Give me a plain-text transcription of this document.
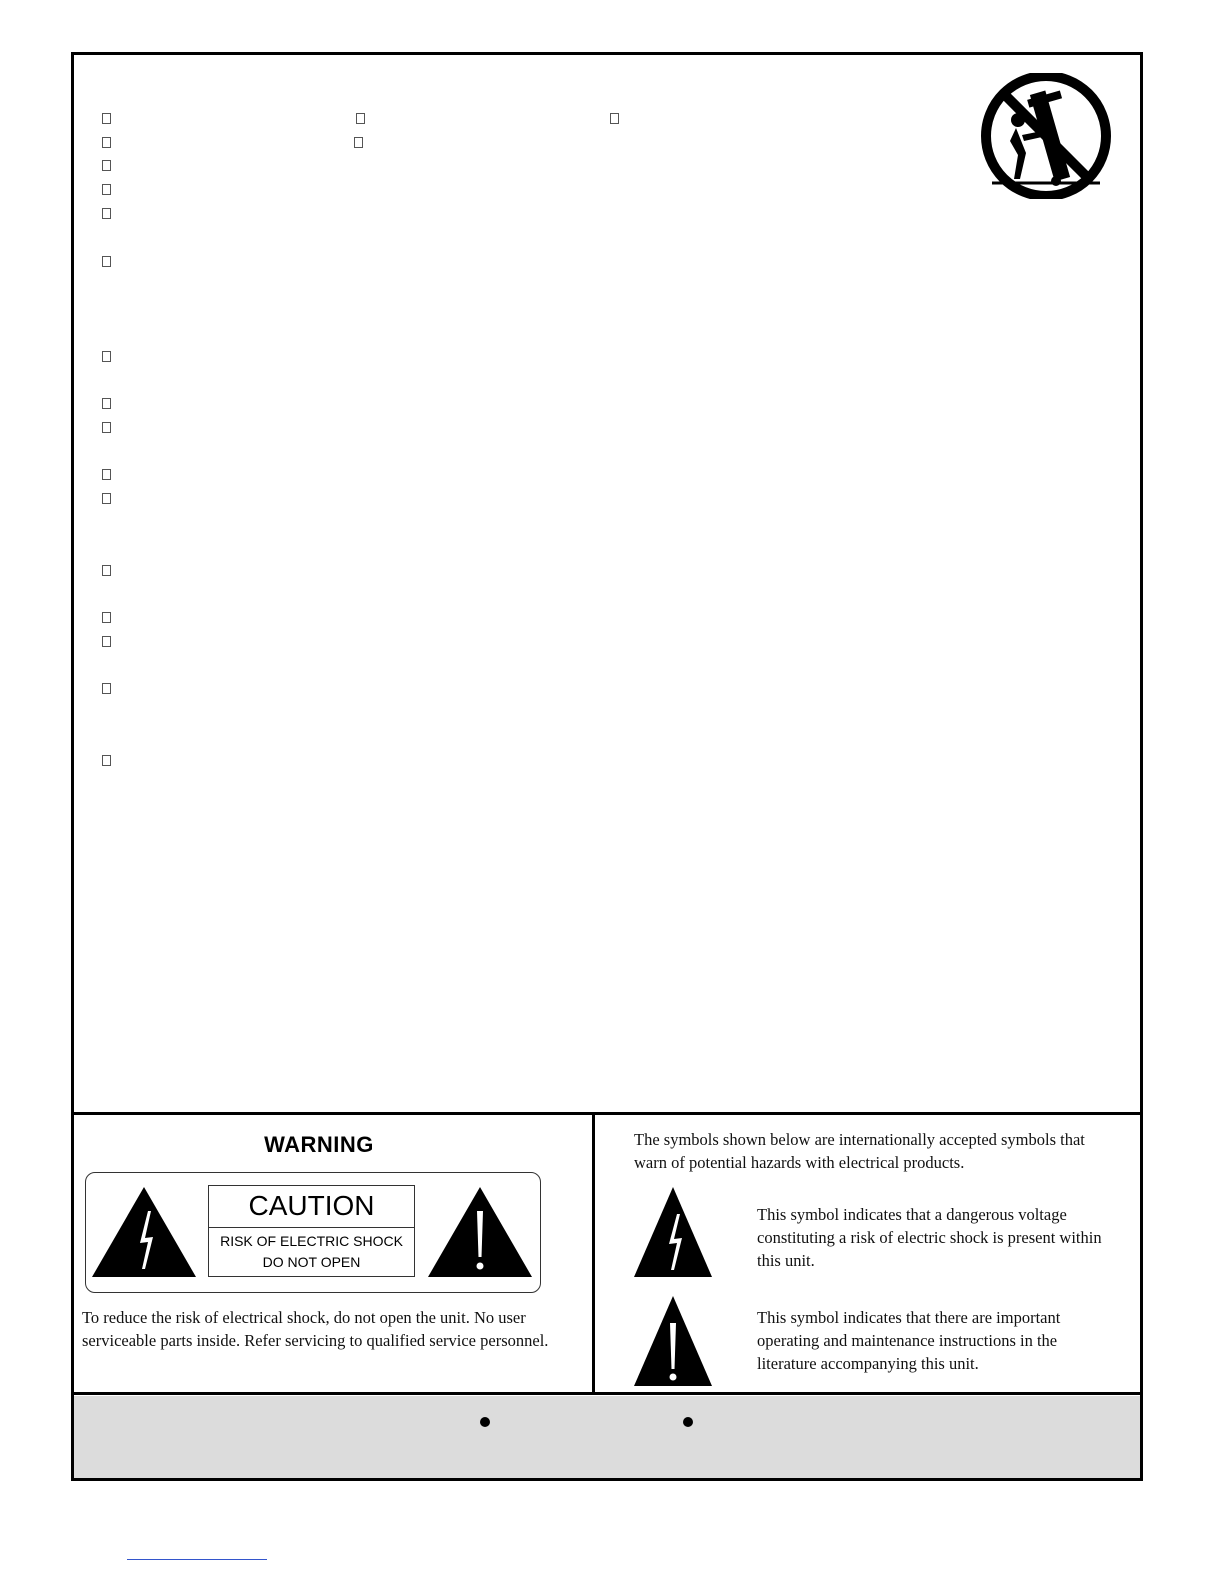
WARNING
CAUTION
RISK OF ELECTRIC SHOCK
DO NOT OPEN
To reduce the risk of electrical shock, do not open the unit. No user serviceable parts inside. Refer servicing to qualified service personnel.
The symbols shown below are internationally accepted symbols that warn of potential hazards with electrical products.
This symbol indicates that a dangerous voltage constituting a risk of electric shock is present within this unit.
This symbol indicates that there are important operating and maintenance instructions in the literature accompanying this unit.
